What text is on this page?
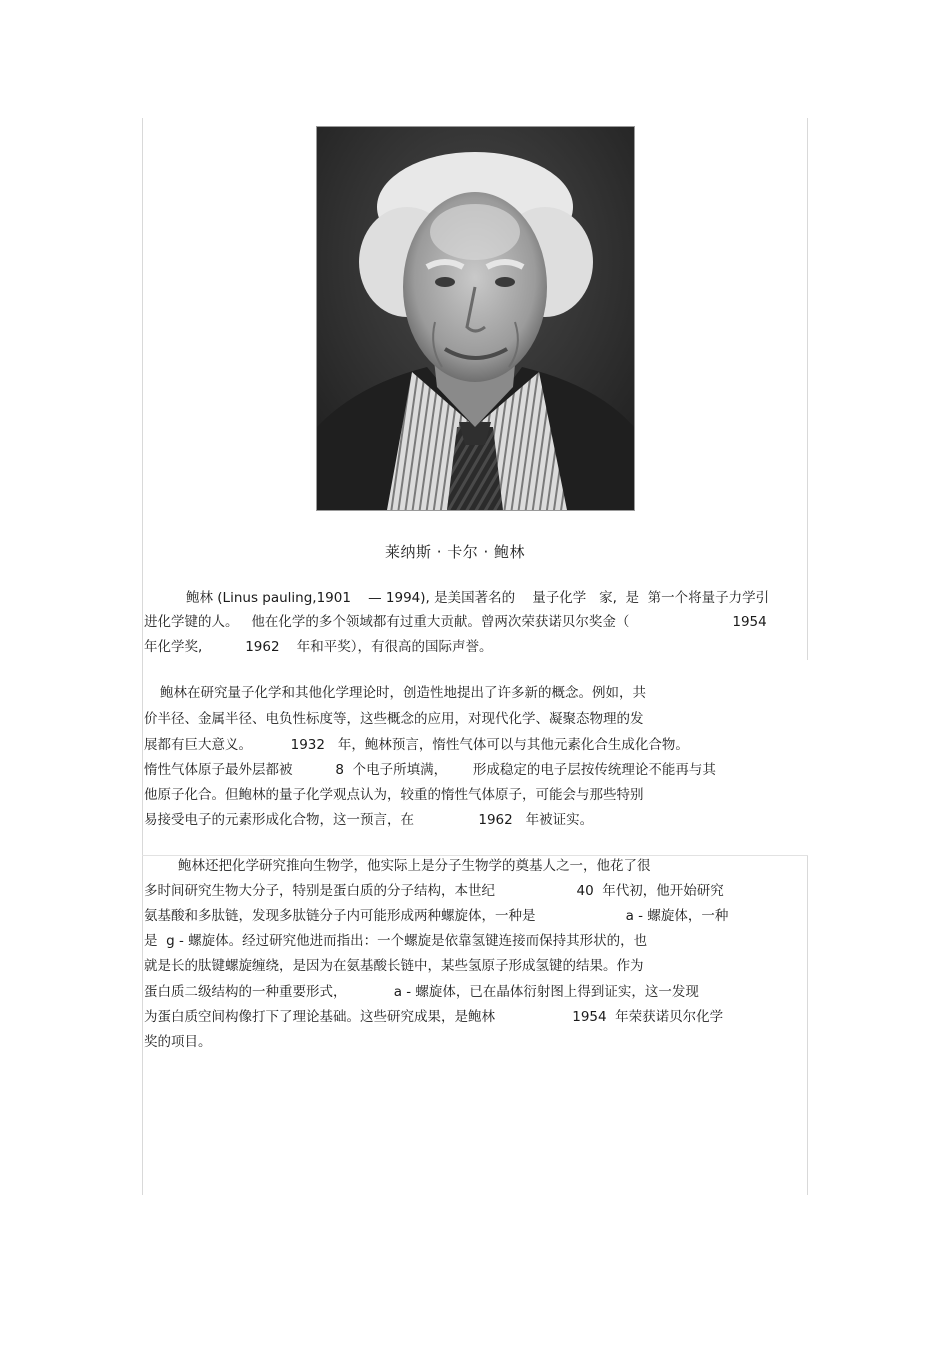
莱纳斯 · 卡尔 · 鲍林
鲍林 (Linus pauling,1901    — 1994), 是美国著名的    量子化学   家,  是  第一个将量子力学引
进化学键的人。   他在化学的多个领域都有过重大贡献。曾两次荣获诺贝尔奖金（                        1954
年化学奖,          1962    年和平奖），有很高的国际声誉。
鲍林在研究量子化学和其他化学理论时，创造性地提出了许多新的概念。例如，共
价半径、金属半径、电负性标度等，这些概念的应用，对现代化学、凝聚态物理的发
展都有巨大意义。         1932   年，鲍林预言，惰性气体可以与其他元素化合生成化合物。
惰性气体原子最外层都被          8  个电子所填满，      形成稳定的电子层按传统理论不能再与其
他原子化合。但鲍林的量子化学观点认为，较重的惰性气体原子，可能会与那些特别
易接受电子的元素形成化合物，这一预言，在               1962   年被证实。
鲍林还把化学研究推向生物学，他实际上是分子生物学的奠基人之一，他花了很
多时间研究生物大分子，特别是蛋白质的分子结构，本世纪                   40  年代初，他开始研究
氨基酸和多肽链，发现多肽链分子内可能形成两种螺旋体，一种是                     a - 螺旋体，一种
是  g - 螺旋体。经过研究他进而指出：一个螺旋是依靠氢键连接而保持其形状的，也
就是长的肽键螺旋缠绕，是因为在氨基酸长链中，某些氢原子形成氢键的结果。作为
蛋白质二级结构的一种重要形式，           a - 螺旋体，已在晶体衍射图上得到证实，这一发现
为蛋白质空间构像打下了理论基础。这些研究成果，是鲍林                  1954  年荣获诺贝尔化学
奖的项目。
